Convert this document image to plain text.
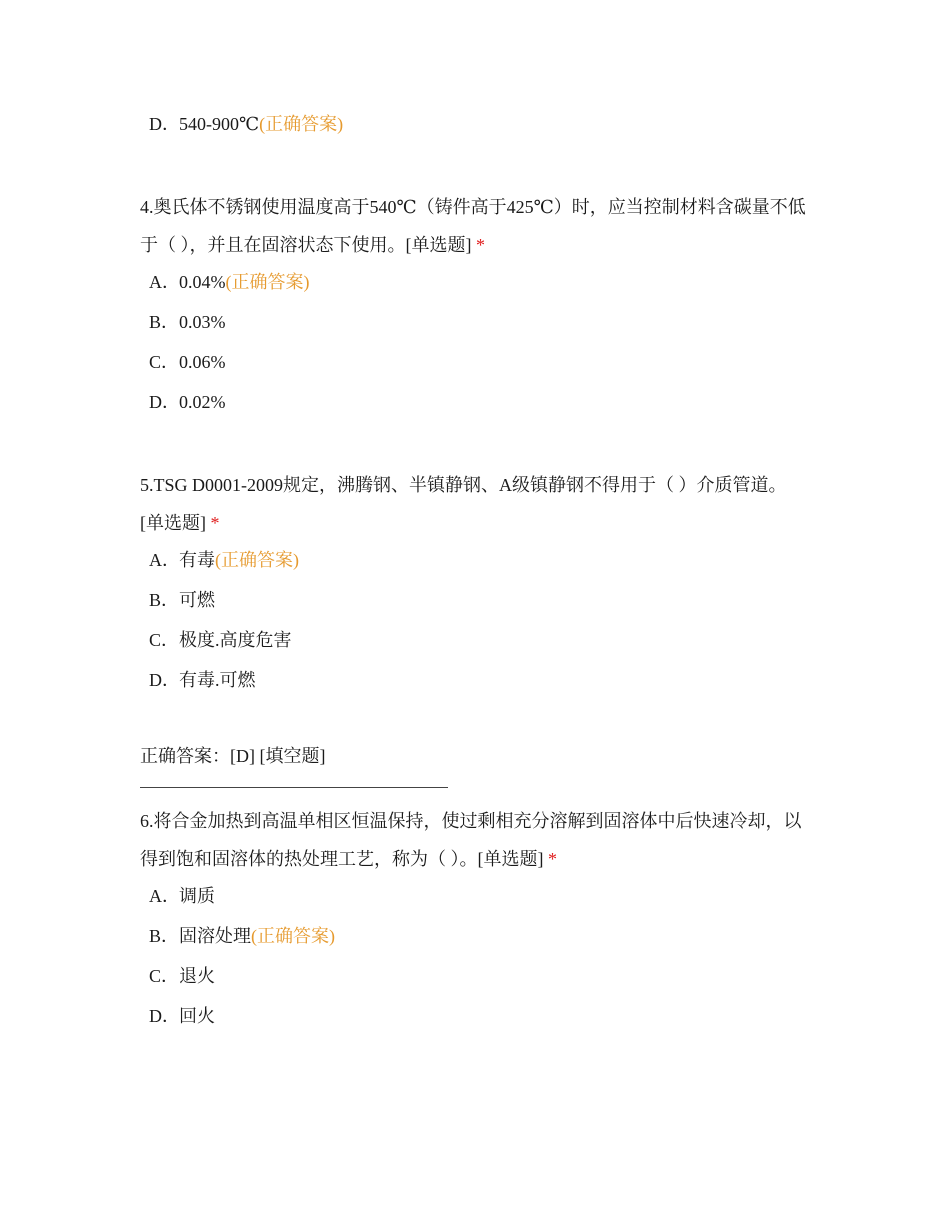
D．540-900℃(正确答案)
4.奥氏体不锈钢使用温度高于540℃（铸件高于425℃）时，应当控制材料含碳量不低于（ ），并且在固溶状态下使用。[单选题] *
A．0.04%(正确答案)
B．0.03%
C．0.06%
D．0.02%
5.TSG D0001-2009规定，沸腾钢、半镇静钢、A级镇静钢不得用于（ ）介质管道。[单选题] *
A．有毒(正确答案)
B．可燃
C．极度.高度危害
D．有毒.可燃
正确答案：[D] [填空题]
6.将合金加热到高温单相区恒温保持，使过剩相充分溶解到固溶体中后快速冷却，以得到饱和固溶体的热处理工艺，称为（ ）。[单选题] *
A．调质
B．固溶处理(正确答案)
C．退火
D．回火
